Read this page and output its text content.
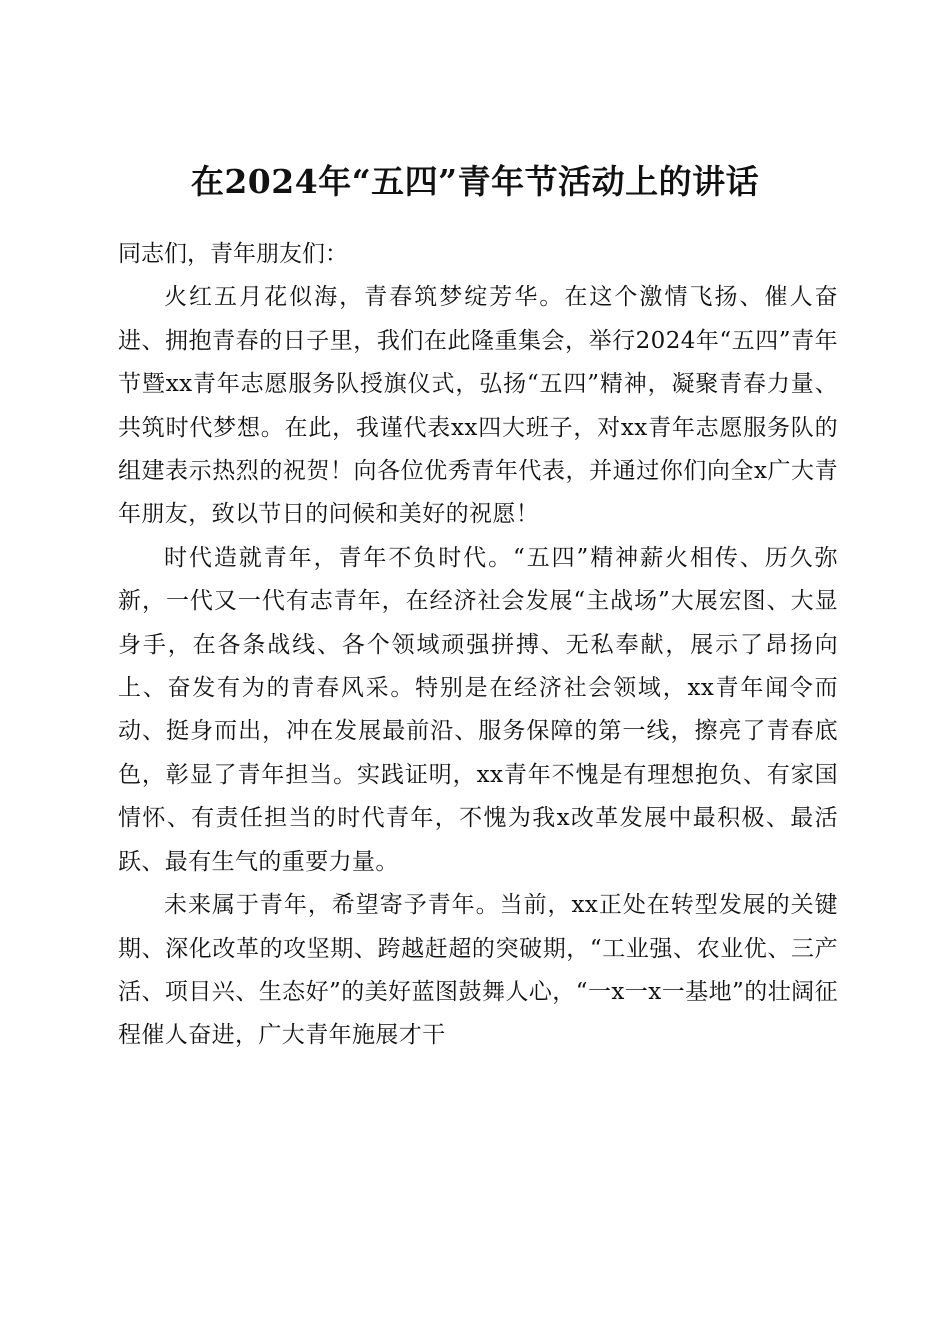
在2024年“五四”青年节活动上的讲话

同志们，青年朋友们：

火红五月花似海，青春筑梦绽芳华。在这个激情飞扬、催人奋进、拥抱青春的日子里，我们在此隆重集会，举行2024年“五四”青年节暨xx青年志愿服务队授旗仪式，弘扬“五四”精神，凝聚青春力量、共筑时代梦想。在此，我谨代表xx四大班子，对xx青年志愿服务队的组建表示热烈的祝贺！向各位优秀青年代表，并通过你们向全x广大青年朋友，致以节日的问候和美好的祝愿！

时代造就青年，青年不负时代。“五四”精神薪火相传、历久弥新，一代又一代有志青年，在经济社会发展“主战场”大展宏图、大显身手，在各条战线、各个领域顽强拼搏、无私奉献，展示了昂扬向上、奋发有为的青春风采。特别是在经济社会领域，xx青年闻令而动、挺身而出，冲在发展最前沿、服务保障的第一线，擦亮了青春底色，彰显了青年担当。实践证明，xx青年不愧是有理想抱负、有家国情怀、有责任担当的时代青年，不愧为我x改革发展中最积极、最活跃、最有生气的重要力量。

未来属于青年，希望寄予青年。当前，xx正处在转型发展的关键期、深化改革的攻坚期、跨越赶超的突破期，“工业强、农业优、三产活、项目兴、生态好”的美好蓝图鼓舞人心，“一x一x一基地”的壮阔征程催人奋进，广大青年施展才干
